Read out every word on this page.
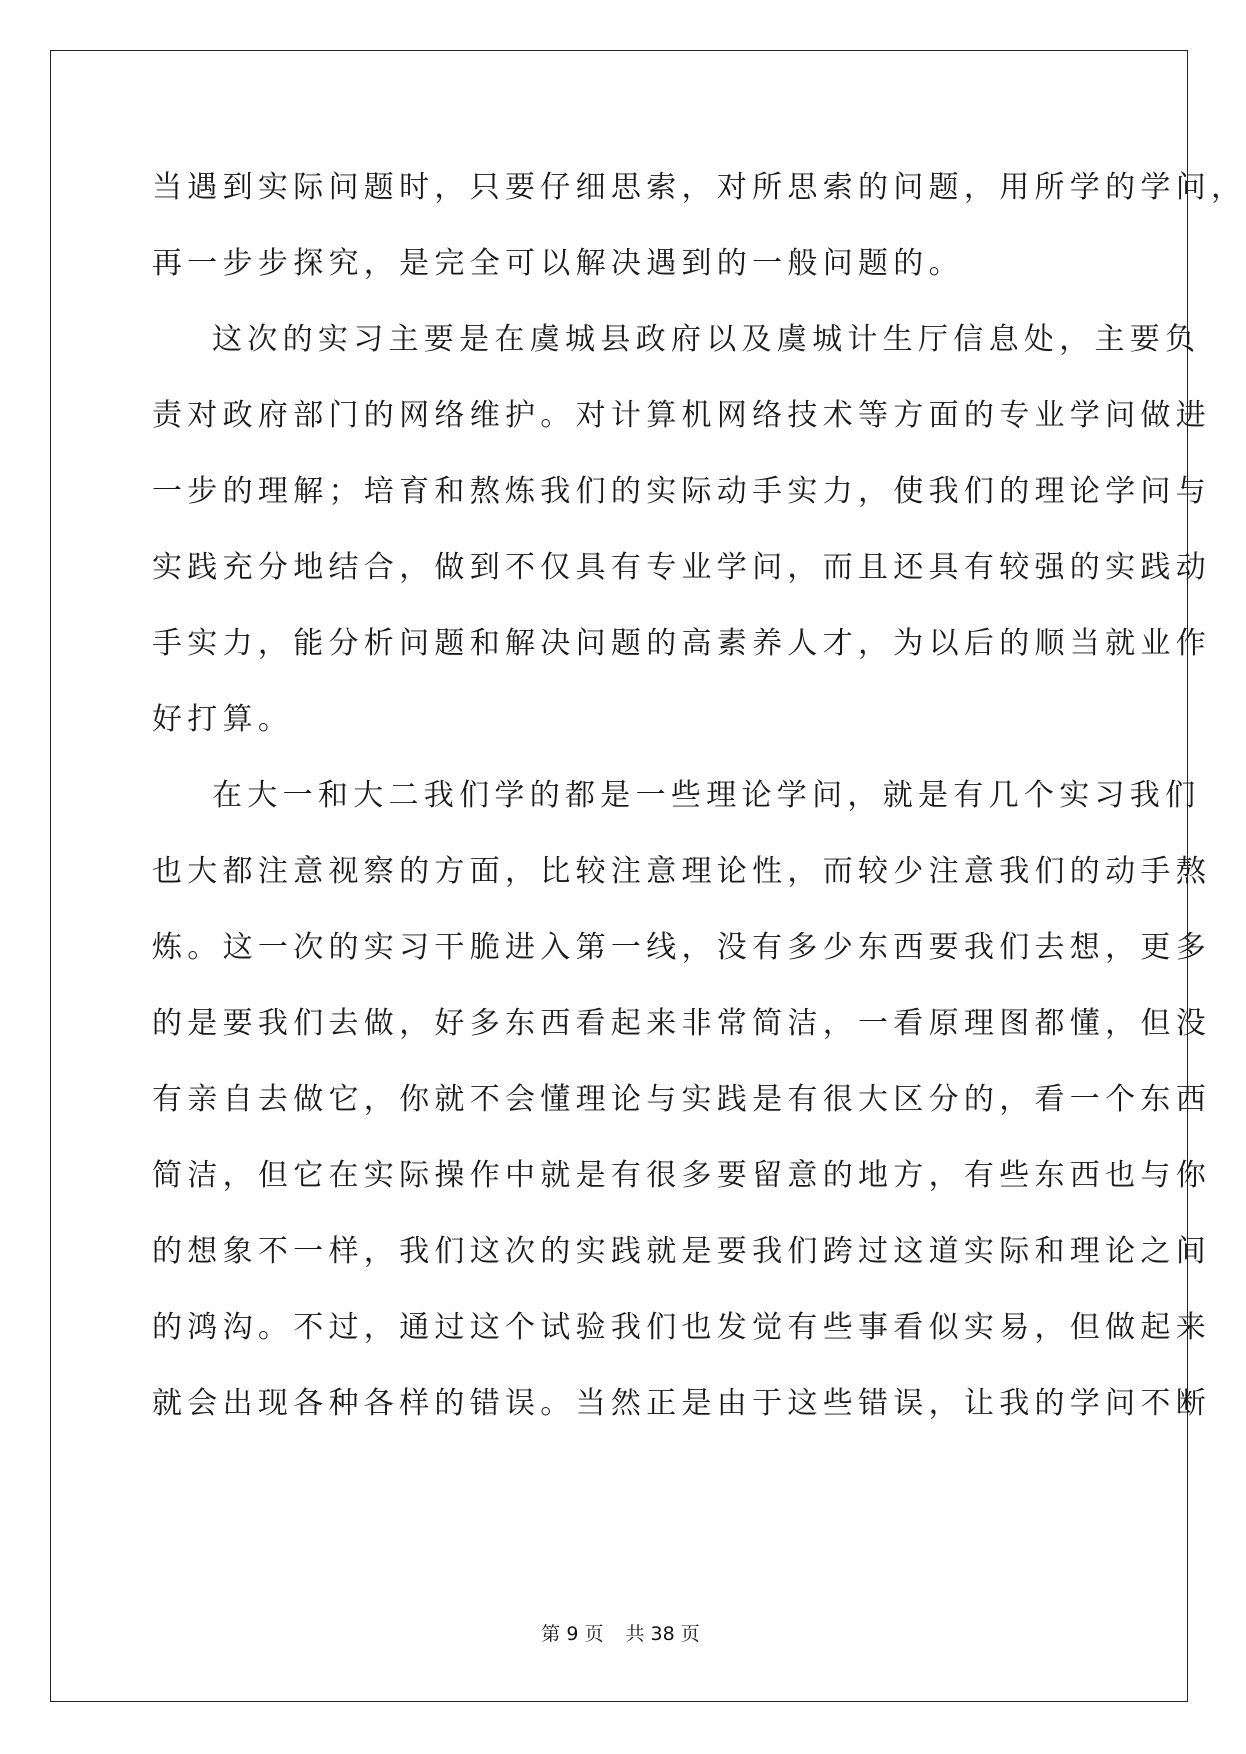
当遇到实际问题时，只要仔细思索，对所思索的问题，用所学的学问，
再一步步探究，是完全可以解决遇到的一般问题的。
这次的实习主要是在虞城县政府以及虞城计生厅信息处，主要负
责对政府部门的网络维护。对计算机网络技术等方面的专业学问做进
一步的理解；培育和熬炼我们的实际动手实力，使我们的理论学问与
实践充分地结合，做到不仅具有专业学问，而且还具有较强的实践动
手实力，能分析问题和解决问题的高素养人才，为以后的顺当就业作
好打算。
在大一和大二我们学的都是一些理论学问，就是有几个实习我们
也大都注意视察的方面，比较注意理论性，而较少注意我们的动手熬
炼。这一次的实习干脆进入第一线，没有多少东西要我们去想，更多
的是要我们去做，好多东西看起来非常简洁，一看原理图都懂，但没
有亲自去做它，你就不会懂理论与实践是有很大区分的，看一个东西
简洁，但它在实际操作中就是有很多要留意的地方，有些东西也与你
的想象不一样，我们这次的实践就是要我们跨过这道实际和理论之间
的鸿沟。不过，通过这个试验我们也发觉有些事看似实易，但做起来
就会出现各种各样的错误。当然正是由于这些错误，让我的学问不断
第 9 页 共 38 页
